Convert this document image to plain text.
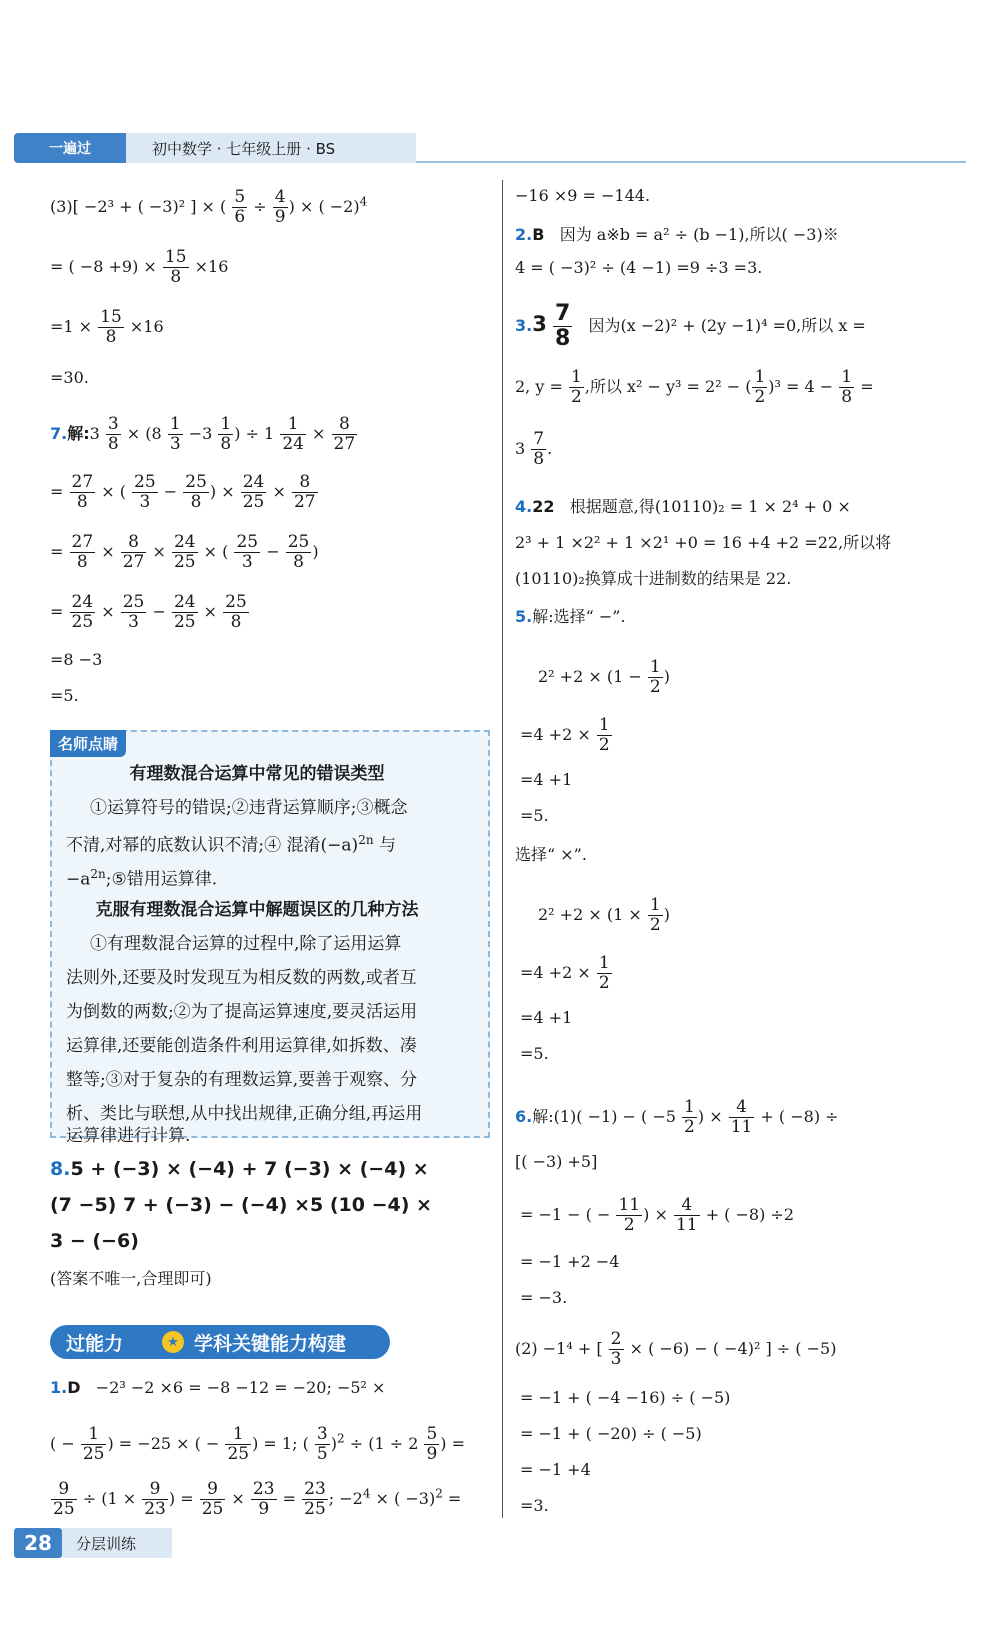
一遍过	初中数学 · 七年级上册 · BS
(3)[ −2³ + ( −3)² ] × ( $\frac{5}{6} \div \frac{4}{9}$ ) × ( −2)$^4$
= ( $-8 +9) \times \frac{15}{8} \times 16$
$=1 \times \frac{15}{8} \times 16$
=30.
7.解:3 $\frac{3}{8} \times (8 \frac{1}{3} -3 \frac{1}{8}$ ) ÷ $1 \frac{1}{24} \times \frac{8}{27}$
= $\frac{27}{8}$ × ( $\frac{25}{3} - \frac{25}{8}$ ) × $\frac{24}{25} \times \frac{8}{27}$
= $\frac{27}{8} \times \frac{8}{27} \times \frac{24}{25}$ × ( $\frac{25}{3} - \frac{25}{8}$ )
= $\frac{24}{25} \times \frac{25}{3} - \frac{24}{25} \times \frac{25}{8}$
=8 −3
=5.
名师点睛

有理数混合运算中常见的错误类型

①运算符号的错误;②违背运算顺序;③概念

不清,对幂的底数认识不清;④ 混淆$(-a)^{2n}$ 与

$-a^{2n};⑤$错用运算律.

克服有理数混合运算中解题误区的几种方法

①有理数混合运算的过程中,除了运用运算

法则外,还要及时发现互为相反数的两数,或者互

为倒数的两数;②为了提高运算速度,要灵活运用

运算律,还要能创造条件利用运算律,如拆数、凑

整等;③对于复杂的有理数运算,要善于观察、分

析、类比与联想,从中找出规律,正确分组,再运用

运算律进行计算.

8.5 + (−3) × (−4) + 7 (−3) × (−4) ×
(7 −5) 7 + (−3) − (−4) ×5 (10 −4) ×
3 − (−6)
(答案不唯一,合理即可)
过能力	★ 学科关键能力构建
1.D −2³ −2 ×6 = −8 −12 = −20; −5² ×
( − $\frac{1}{25}$ ) = −25 × ( − $\frac{1}{25}$ ) = 1; ( $\frac{3}{5} )^2 \div (1 \div 2 \frac{5}{9}$ ) =
$\frac{9}{25} \div (1 \times \frac{9}{23}$ ) = $\frac{9}{25} \times \frac{23}{9} = \frac{23}{25}$ ; $-2^4$ × ( −3)$^2$ =
−16 ×9 = −144.
2.B 因为 a※b = a² ÷ (b −1),所以( −3)※
4 = ( −3)² ÷ (4 −1) =9 ÷3 =3.
$3.3 \frac{7}{8}$ 因为(x −2)² + (2y −1)⁴ =0,所以 x =
2, $y = \frac{1}{2}$ ,所以 x² − y³ = 2² − ( $\frac{1}{2} )^3 = 4 - \frac{1}{8}$ =
$3 \frac{7}{8}$ .
4.22 根据题意,得(10110)₂ = 1 × 2⁴ + 0 ×
2³ + 1 ×2² + 1 ×2¹ +0 = 16 +4 +2 =22,所以将
(10110)₂换算成十进制数的结果是 22.
5.解:选择“ −”.
$2^2 +2 \times (1 - \frac{1}{2}$ )
$=4 +2 \times \frac{1}{2}$
=4 +1
=5.
选择“ ×”.
$2^2 +2 \times (1 \times \frac{1}{2}$ )
$=4 +2 \times \frac{1}{2}$
=4 +1
=5.
6.解:(1)( −1) − ( $-5 \frac{1}{2}$ ) × $\frac{4}{11}$ + ( −8) ÷
[( −3) +5]
= −1 − ( − $\frac{11}{2}$ ) × $\frac{4}{11}$ + ( −8) ÷2
= −1 +2 −4
= −3.
(2) −1⁴ + [ $\frac{2}{3}$ × ( −6) − ( −4)² ] ÷ ( −5)
= −1 + ( −4 −16) ÷ ( −5)
= −1 + ( −20) ÷ ( −5)
= −1 +4
=3.
28	分层训练
